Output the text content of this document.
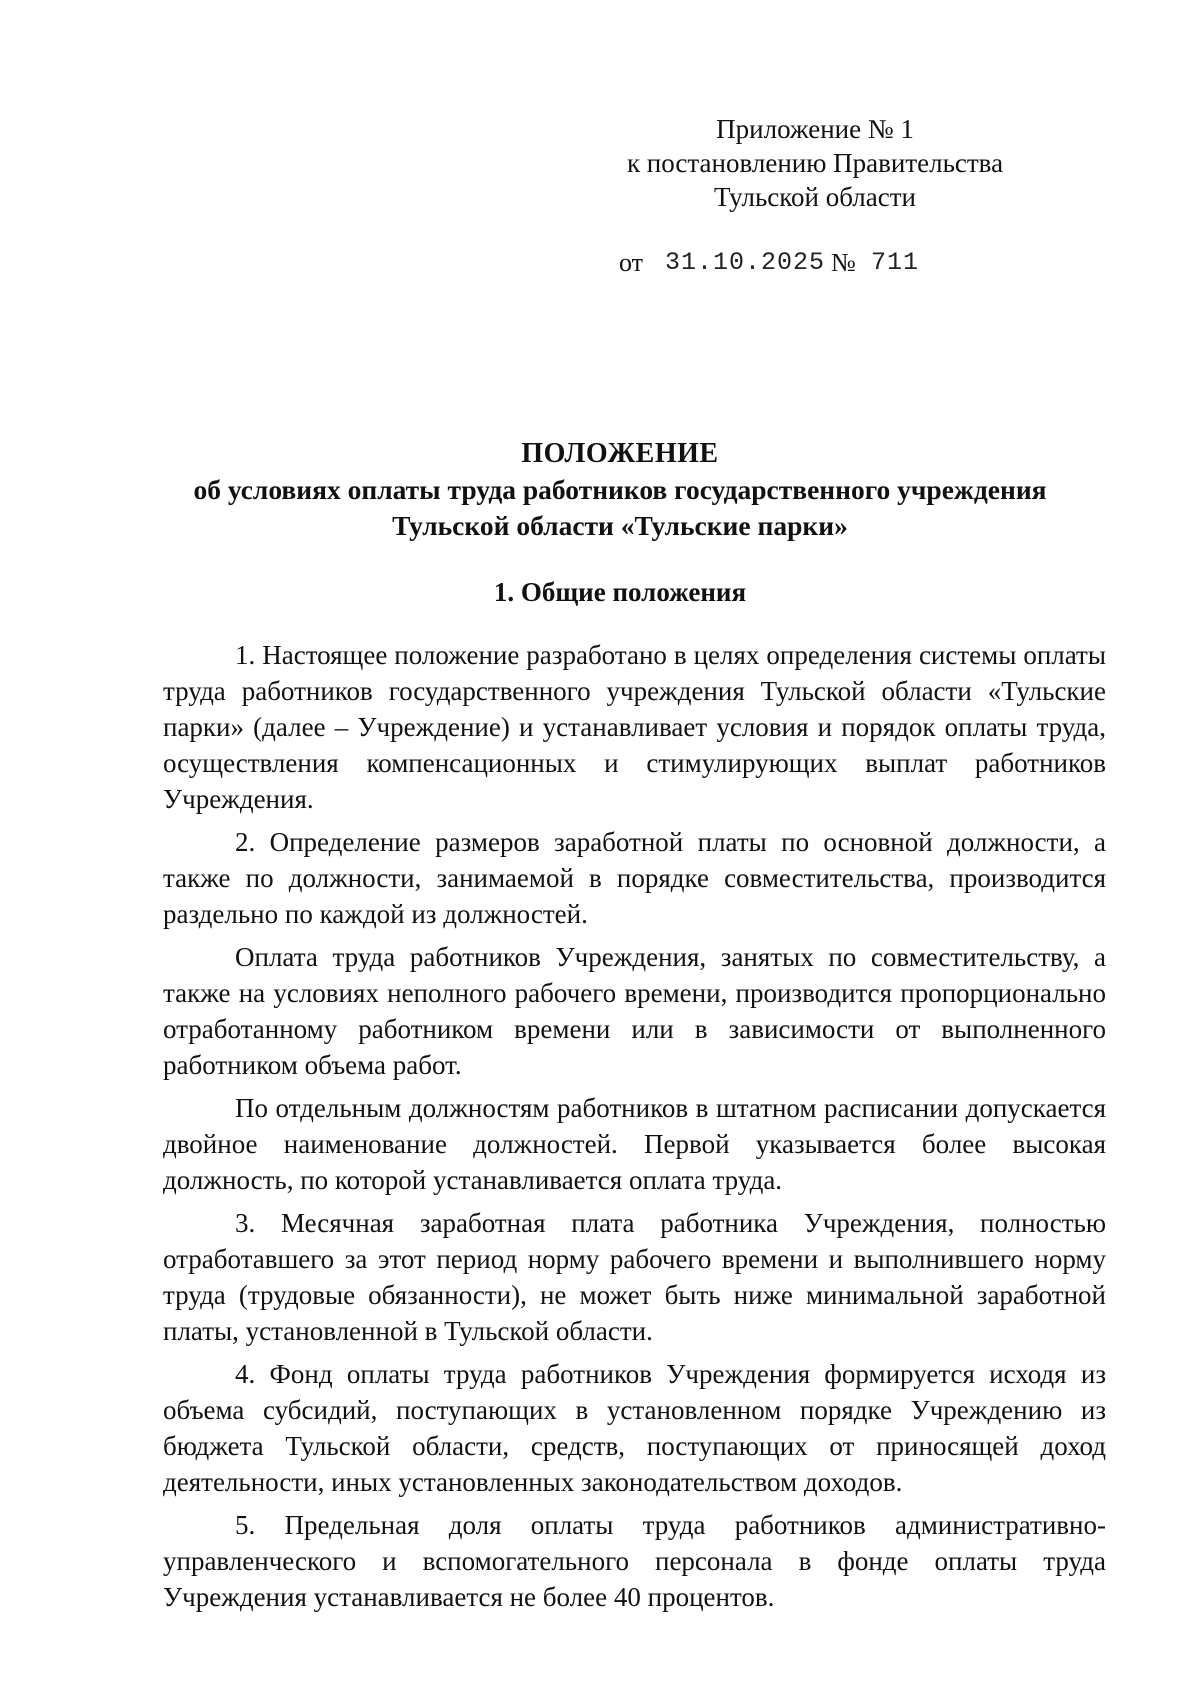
Приложение № 1
к постановлению Правительства
Тульской области
от 31.10.2025 № 711
ПОЛОЖЕНИЕ
об условиях оплаты труда работников государственного учреждения
Тульской области «Тульские парки»
1. Общие положения

1. Настоящее положение разработано в целях определения системы оплаты труда работников государственного учреждения Тульской области «Тульские парки» (далее – Учреждение) и устанавливает условия и порядок оплаты труда, осуществления компенсационных и стимулирующих выплат работников Учреждения.

2. Определение размеров заработной платы по основной должности, а также по должности, занимаемой в порядке совместительства, производится раздельно по каждой из должностей.

Оплата труда работников Учреждения, занятых по совместительству, а также на условиях неполного рабочего времени, производится пропорционально отработанному работником времени или в зависимости от выполненного работником объема работ.

По отдельным должностям работников в штатном расписании допускается двойное наименование должностей. Первой указывается более высокая должность, по которой устанавливается оплата труда.

3. Месячная заработная плата работника Учреждения, полностью отработавшего за этот период норму рабочего времени и выполнившего норму труда (трудовые обязанности), не может быть ниже минимальной заработной платы, установленной в Тульской области.

4. Фонд оплаты труда работников Учреждения формируется исходя из объема субсидий, поступающих в установленном порядке Учреждению из бюджета Тульской области, средств, поступающих от приносящей доход деятельности, иных установленных законодательством доходов.

5. Предельная доля оплаты труда работников административно-управленческого и вспомогательного персонала в фонде оплаты труда Учреждения устанавливается не более 40 процентов.
